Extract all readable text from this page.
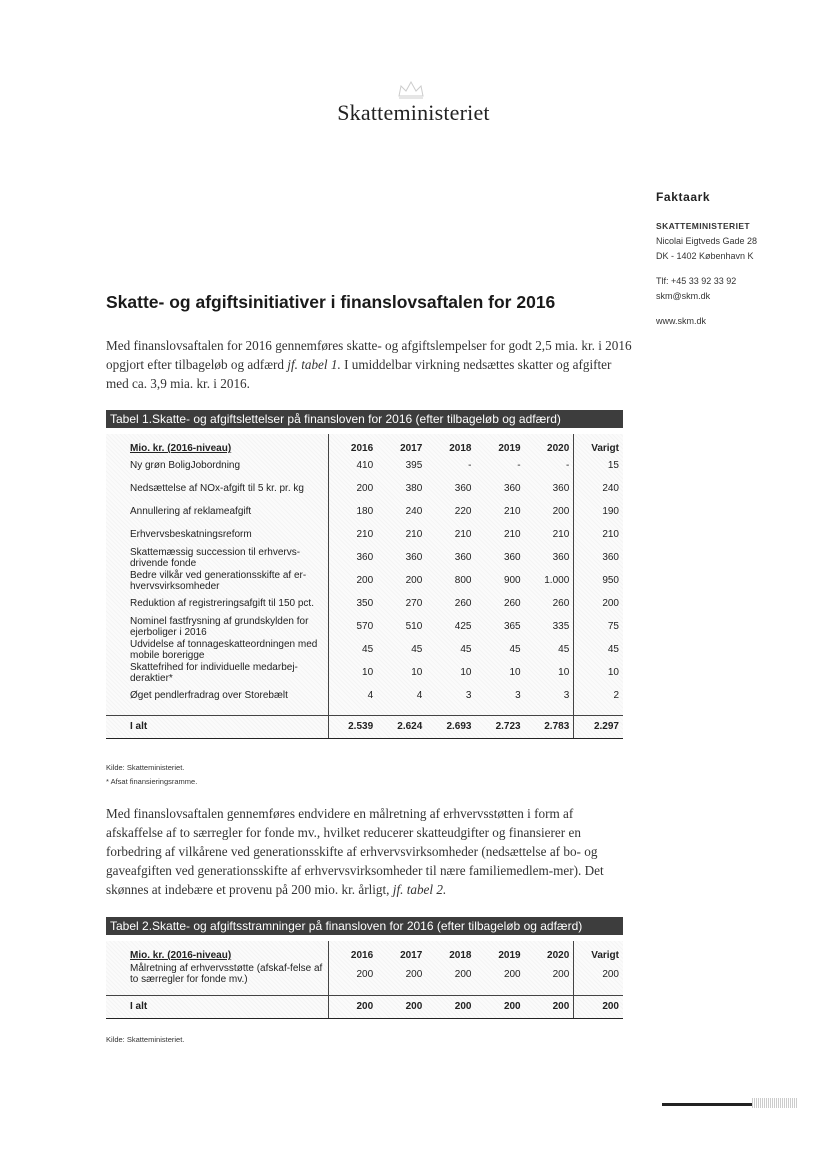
Skatteministeriet
Faktaark
SKATTEMINISTERIET
Nicolai Eigtveds Gade 28
DK - 1402 København K
Tlf: +45 33 92 33 92
skm@skm.dk
www.skm.dk
Skatte- og afgiftsinitiativer i finanslovsaftalen for 2016
Med finanslovsaftalen for 2016 gennemføres skatte- og afgiftslempelser for godt 2,5 mia. kr. i 2016 opgjort efter tilbageløb og adfærd jf. tabel 1. I umiddelbar virkning nedsættes skatter og afgifter med ca. 3,9 mia. kr. i 2016.
Tabel 1.Skatte- og afgiftslettelser på finansloven for 2016 (efter tilbageløb og adfærd)
Mio. kr. (2016-niveau)	2016	2017	2018	2019	2020	Varigt
Ny grøn BoligJobordning	410	395	-	-	-	15
Nedsættelse af NOx-afgift til 5 kr. pr. kg	200	380	360	360	360	240
Annullering af reklameafgift	180	240	220	210	200	190
Erhvervsbeskatningsreform	210	210	210	210	210	210
Skattemæssig succession til erhvervs-drivende fonde	360	360	360	360	360	360
Bedre vilkår ved generationsskifte af er-hvervsvirksomheder	200	200	800	900	1.000	950
Reduktion af registreringsafgift til 150 pct.	350	270	260	260	260	200
Nominel fastfrysning af grundskylden for ejerboliger i 2016	570	510	425	365	335	75
Udvidelse af tonnageskatteordningen med mobile borerigge	45	45	45	45	45	45
Skattefrihed for individuelle medarbej-deraktier*	10	10	10	10	10	10
Øget pendlerfradrag over Storebælt	4	4	3	3	3	2

I alt	2.539	2.624	2.693	2.723	2.783	2.297
Kilde: Skatteministeriet.
* Afsat finansieringsramme.
Med finanslovsaftalen gennemføres endvidere en målretning af erhvervsstøtten i form af afskaffelse af to særregler for fonde mv., hvilket reducerer skatteudgifter og finansierer en forbedring af vilkårene ved generationsskifte af erhvervsvirksomheder (nedsættelse af bo- og gaveafgiften ved generationsskifte af erhvervsvirksomheder til nære familiemedlem-mer). Det skønnes at indebære et provenu på 200 mio. kr. årligt, jf. tabel 2.
Tabel 2.Skatte- og afgiftsstramninger på finansloven for 2016 (efter tilbageløb og adfærd)
Mio. kr. (2016-niveau)	2016	2017	2018	2019	2020	Varigt
Målretning af erhvervsstøtte (afskaf-felse af to særregler for fonde mv.)	200	200	200	200	200	200

I alt	200	200	200	200	200	200
Kilde: Skatteministeriet.
